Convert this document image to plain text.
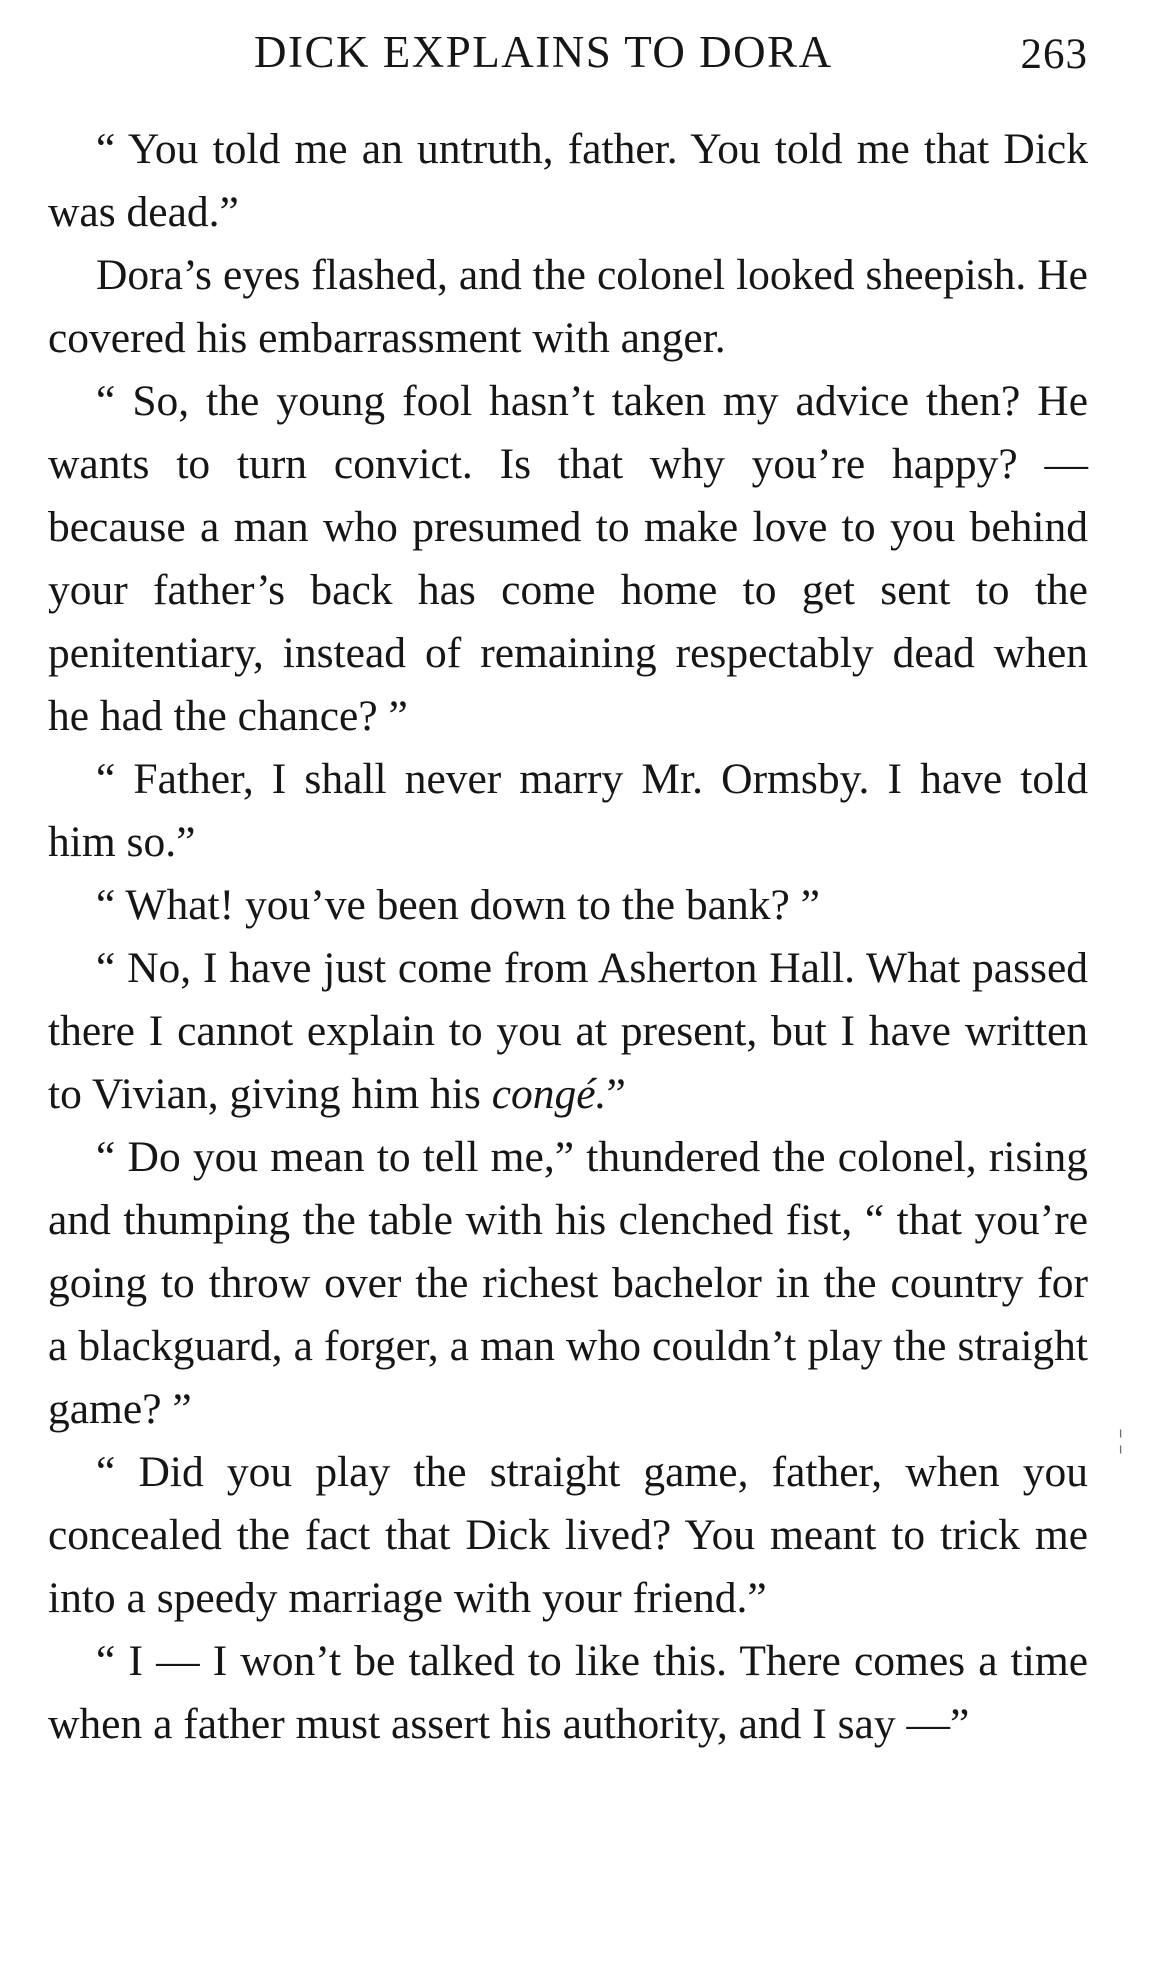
DICK EXPLAINS TO DORA	263

“ You told me an untruth, father. You told me that Dick was dead.”

Dora’s eyes flashed, and the colonel looked sheepish. He covered his embarrassment with anger.

“ So, the young fool hasn’t taken my advice then? He wants to turn convict. Is that why you’re happy? — because a man who presumed to make love to you behind your father’s back has come home to get sent to the penitentiary, instead of remaining respectably dead when he had the chance? ”

“ Father, I shall never marry Mr. Ormsby. I have told him so.”

“ What! you’ve been down to the bank? ”

“ No, I have just come from Asherton Hall. What passed there I cannot explain to you at present, but I have written to Vivian, giving him his congé.”

“ Do you mean to tell me,” thundered the colonel, rising and thumping the table with his clenched fist, “ that you’re going to throw over the richest bachelor in the country for a blackguard, a forger, a man who couldn’t play the straight game? ”

“ Did you play the straight game, father, when you concealed the fact that Dick lived? You meant to trick me into a speedy marriage with your friend.”

“ I — I won’t be talked to like this. There comes a time when a father must assert his authority, and I say —”

¦
